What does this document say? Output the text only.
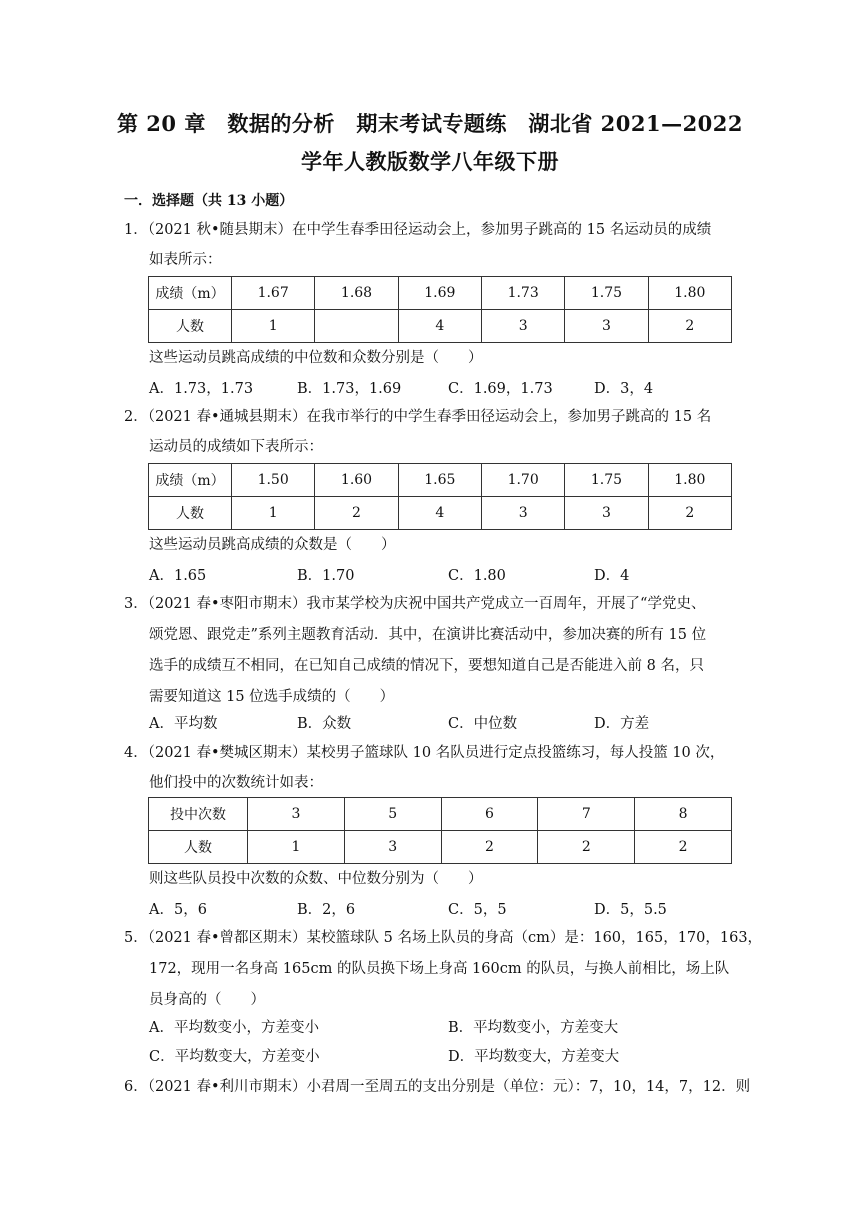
第 20 章　数据的分析　期末考试专题练　湖北省 2021—2022
学年人教版数学八年级下册
一．选择题（共 13 小题）
1．（2021 秋•随县期末）在中学生春季田径运动会上，参加男子跳高的 15 名运动员的成绩
如表所示：
成绩（m）	1.67	1.68	1.69	1.73	1.75	1.80
人数	1		4	3	3	2
这些运动员跳高成绩的中位数和众数分别是（　　）
A．1.73，1.73	B．1.73，1.69	C．1.69，1.73	D．3，4
2．（2021 春•通城县期末）在我市举行的中学生春季田径运动会上，参加男子跳高的 15 名
运动员的成绩如下表所示：
成绩（m）	1.50	1.60	1.65	1.70	1.75	1.80
人数	1	2	4	3	3	2
这些运动员跳高成绩的众数是（　　）
A．1.65	B．1.70	C．1.80	D．4
3．（2021 春•枣阳市期末）我市某学校为庆祝中国共产党成立一百周年，开展了“学党史、
颂党恩、跟党走”系列主题教育活动．其中，在演讲比赛活动中，参加决赛的所有 15 位
选手的成绩互不相同，在已知自己成绩的情况下，要想知道自己是否能进入前 8 名，只
需要知道这 15 位选手成绩的（　　）
A．平均数	B．众数	C．中位数	D．方差
4．（2021 春•樊城区期末）某校男子篮球队 10 名队员进行定点投篮练习，每人投篮 10 次，
他们投中的次数统计如表：
投中次数	3	5	6	7	8
人数	1	3	2	2	2
则这些队员投中次数的众数、中位数分别为（　　）
A．5，6	B．2，6	C．5，5	D．5，5.5
5．（2021 春•曾都区期末）某校篮球队 5 名场上队员的身高（cm）是：160，165，170，163，
172，现用一名身高 165cm 的队员换下场上身高 160cm 的队员，与换人前相比，场上队
员身高的（　　）
A．平均数变小，方差变小	B．平均数变小，方差变大
C．平均数变大，方差变小	D．平均数变大，方差变大
6．（2021 春•利川市期末）小君周一至周五的支出分别是（单位：元）：7，10，14，7，12．则
